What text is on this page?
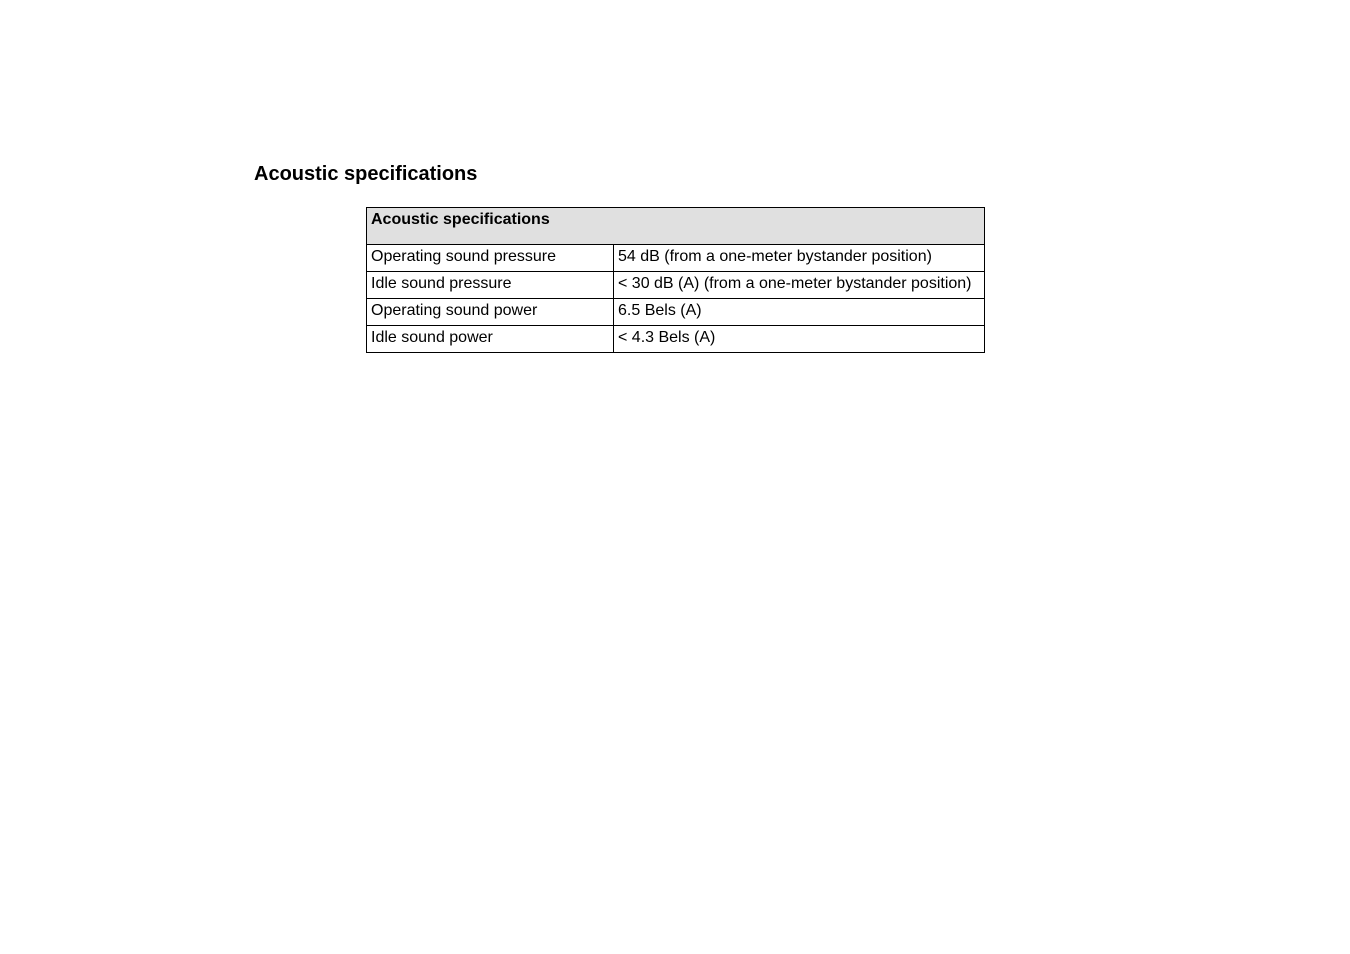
Acoustic specifications
Acoustic specifications	
Operating sound pressure	54 dB (from a one-meter bystander position)
Idle sound pressure	< 30 dB (A) (from a one-meter bystander position)
Operating sound power	6.5 Bels (A)
Idle sound power	< 4.3 Bels (A)
